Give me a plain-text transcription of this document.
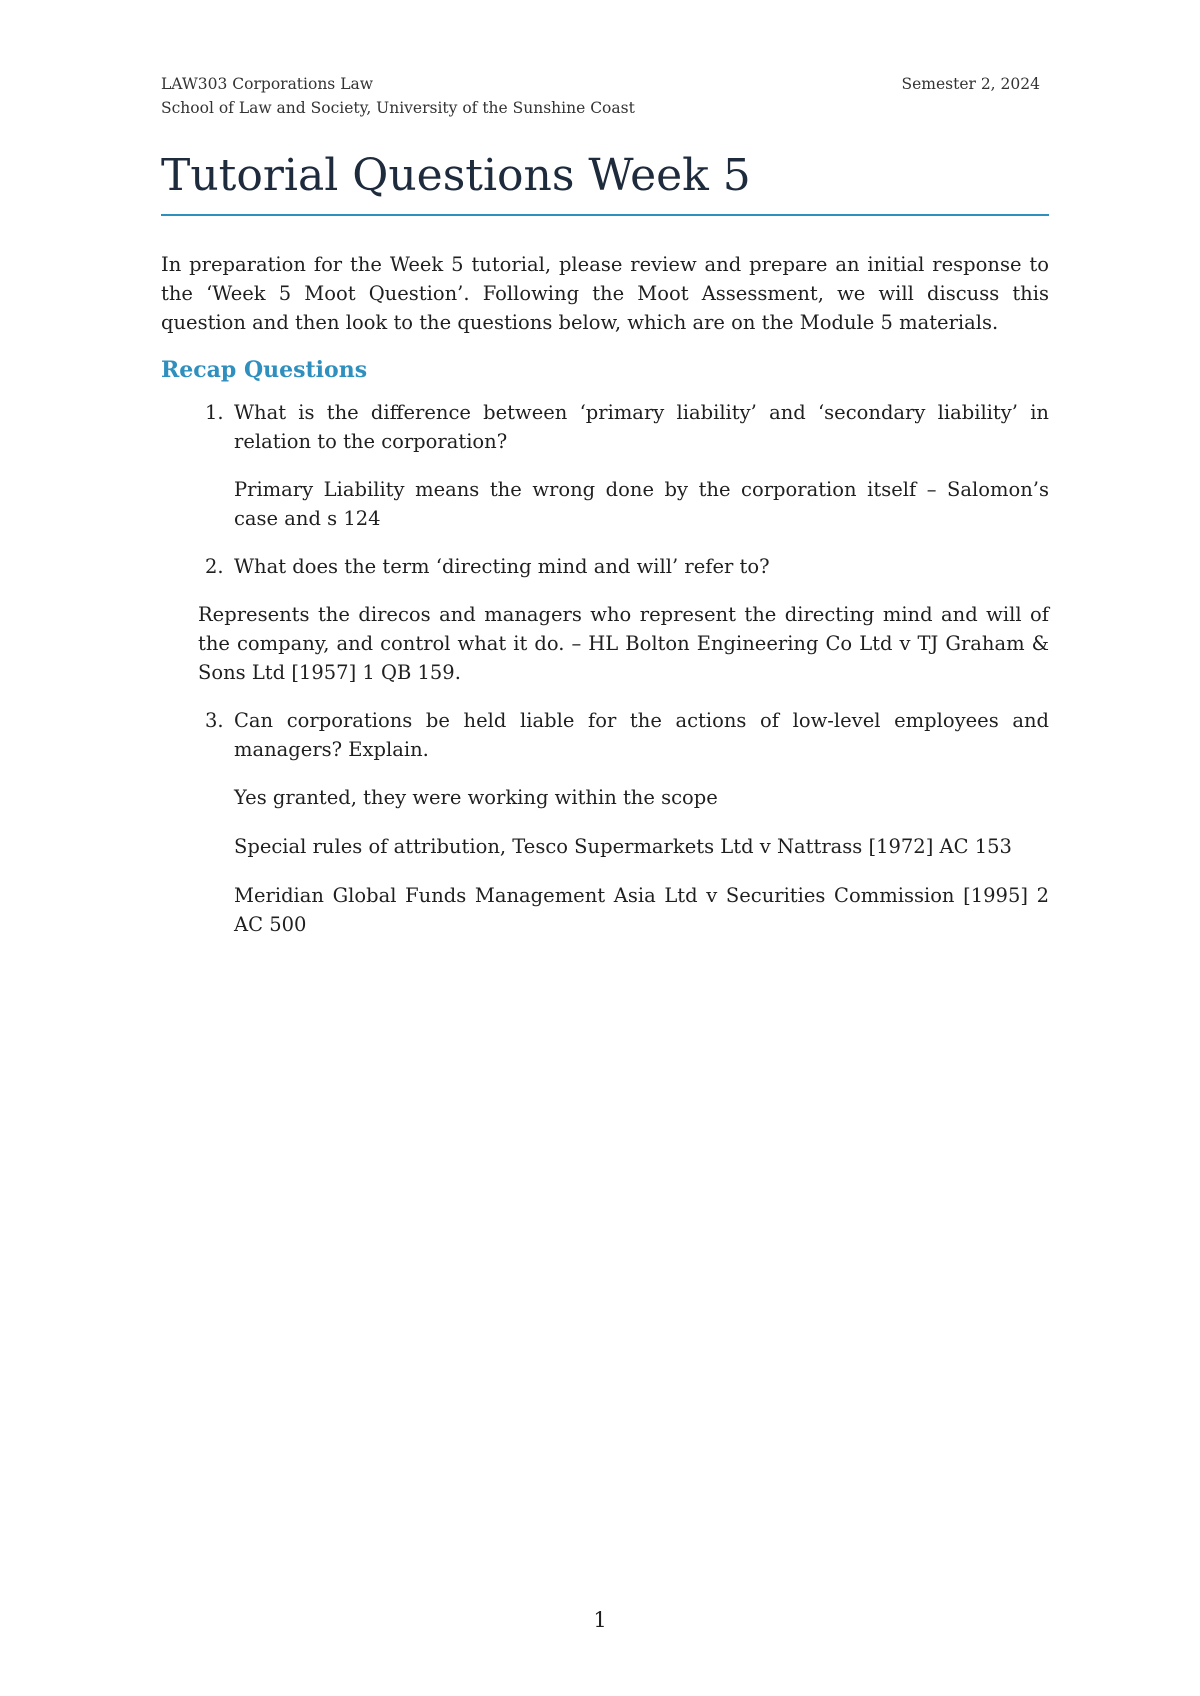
LAW303 Corporations Law
School of Law and Society, University of the Sunshine Coast
Semester 2, 2024
Tutorial Questions Week 5

In preparation for the Week 5 tutorial, please review and prepare an initial response to the ‘Week 5 Moot Question’. Following the Moot Assessment, we will discuss this question and then look to the questions below, which are on the Module 5 materials.

Recap Questions
1. What is the difference between ‘primary liability’ and ‘secondary liability’ in relation to the corporation?

Primary Liability means the wrong done by the corporation itself – Salomon’s case and s 124

2. What does the term ‘directing mind and will’ refer to?

Represents the direcos and managers who represent the directing mind and will of the company, and control what it do. – HL Bolton Engineering Co Ltd v TJ Graham & Sons Ltd [1957] 1 QB 159.

3. Can corporations be held liable for the actions of low-level employees and managers? Explain.

Yes granted, they were working within the scope

Special rules of attribution, Tesco Supermarkets Ltd v Nattrass [1972] AC 153

Meridian Global Funds Management Asia Ltd v Securities Commission [1995] 2 AC 500

1
